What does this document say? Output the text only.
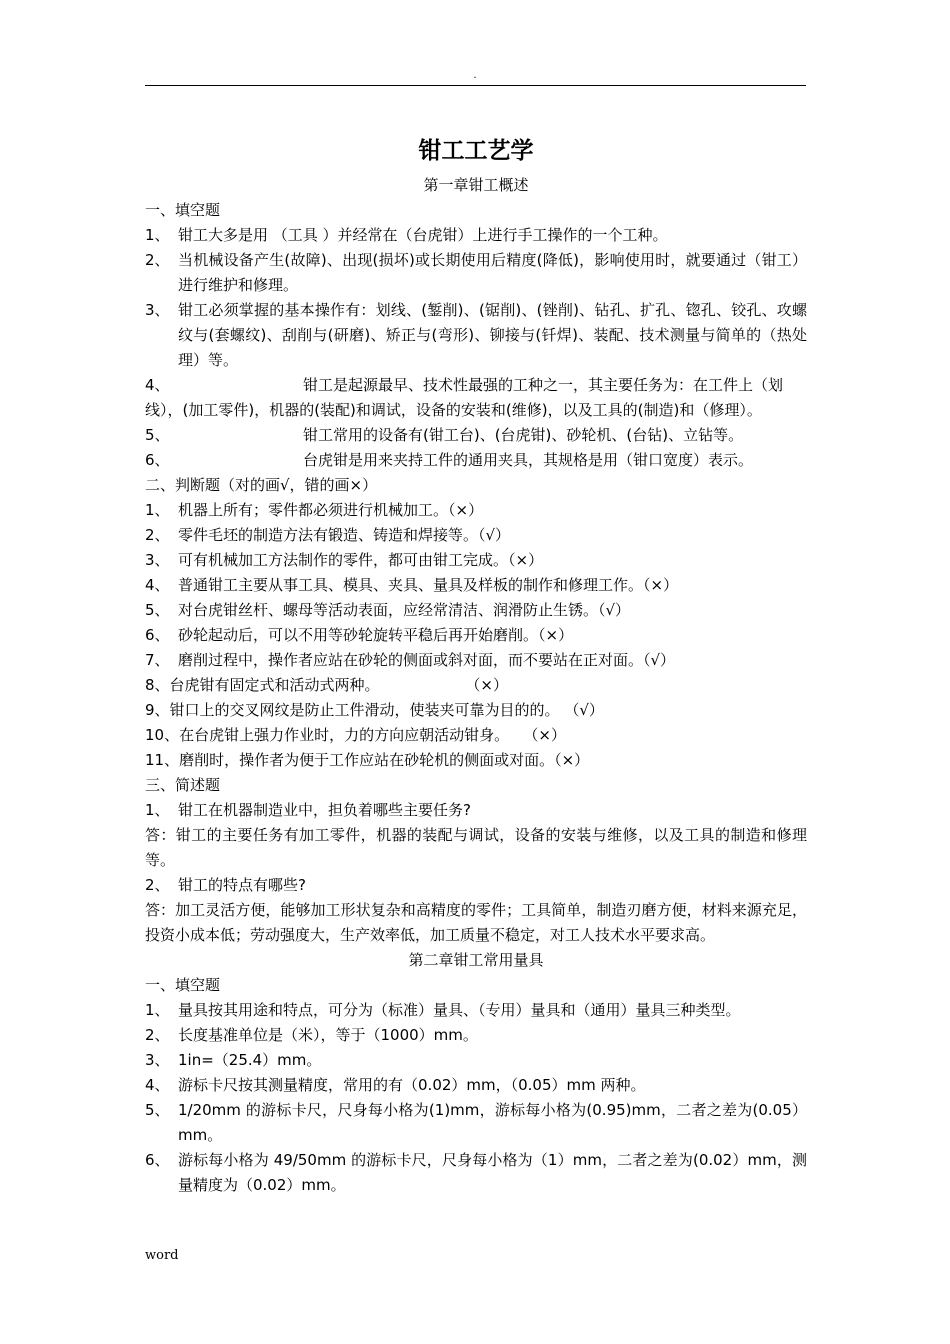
.
钳工工艺学
第一章钳工概述
一、填空题
1、 钳工大多是用 （工具 ）并经常在（台虎钳）上进行手工操作的一个工种。
2、 当机械设备产生(故障)、出现(损坏)或长期使用后精度(降低)，影响使用时，就要通过（钳工）进行维护和修理。
3、 钳工必须掌握的基本操作有：划线、(錾削)、(锯削)、(锉削)、钻孔、扩孔、锪孔、铰孔、攻螺纹与(套螺纹)、刮削与(研磨)、矫正与(弯形)、铆接与(钎焊)、装配、技术测量与简单的（热处理）等。
4、	钳工是起源最早、技术性最强的工种之一，其主要任务为：在工件上（划线），(加工零件)，机器的(装配)和调试，设备的安装和(维修)，以及工具的(制造)和（修理）。
5、	钳工常用的设备有(钳工台)、(台虎钳)、砂轮机、(台钻)、立钻等。
6、	台虎钳是用来夹持工件的通用夹具，其规格是用（钳口宽度）表示。
二、判断题（对的画√，错的画×）
1、 机器上所有；零件都必须进行机械加工。（×）
2、 零件毛坯的制造方法有锻造、铸造和焊接等。（√）
3、 可有机械加工方法制作的零件，都可由钳工完成。（×）
4、 普通钳工主要从事工具、模具、夹具、量具及样板的制作和修理工作。（×）
5、 对台虎钳丝杆、螺母等活动表面，应经常清洁、润滑防止生锈。（√）
6、 砂轮起动后，可以不用等砂轮旋转平稳后再开始磨削。（×）
7、 磨削过程中，操作者应站在砂轮的侧面或斜对面，而不要站在正对面。（√）
8、台虎钳有固定式和活动式两种。                  （×）
9、钳口上的交叉网纹是防止工件滑动，使装夹可靠为目的的。 （√）
10、在台虎钳上强力作业时，力的方向应朝活动钳身。   （×）
11、磨削时，操作者为便于工作应站在砂轮机的侧面或对面。（×）
三、简述题
1、 钳工在机器制造业中，担负着哪些主要任务?
答：钳工的主要任务有加工零件，机器的装配与调试，设备的安装与维修，以及工具的制造和修理等。
2、 钳工的特点有哪些?
答：加工灵活方便，能够加工形状复杂和高精度的零件；工具简单，制造刃磨方便，材料来源充足，投资小成本低；劳动强度大，生产效率低，加工质量不稳定，对工人技术水平要求高。
第二章钳工常用量具
一、填空题
1、 量具按其用途和特点，可分为（标准）量具、（专用）量具和（通用）量具三种类型。
2、 长度基准单位是（米），等于（1000）mm。
3、 1in=（25.4）mm。
4、 游标卡尺按其测量精度，常用的有（0.02）mm，（0.05）mm 两种。
5、 1/20mm 的游标卡尺，尺身每小格为(1)mm，游标每小格为(0.95)mm，二者之差为(0.05）mm。
6、 游标每小格为 49/50mm 的游标卡尺，尺身每小格为（1）mm，二者之差为(0.02）mm，测量精度为（0.02）mm。
word
